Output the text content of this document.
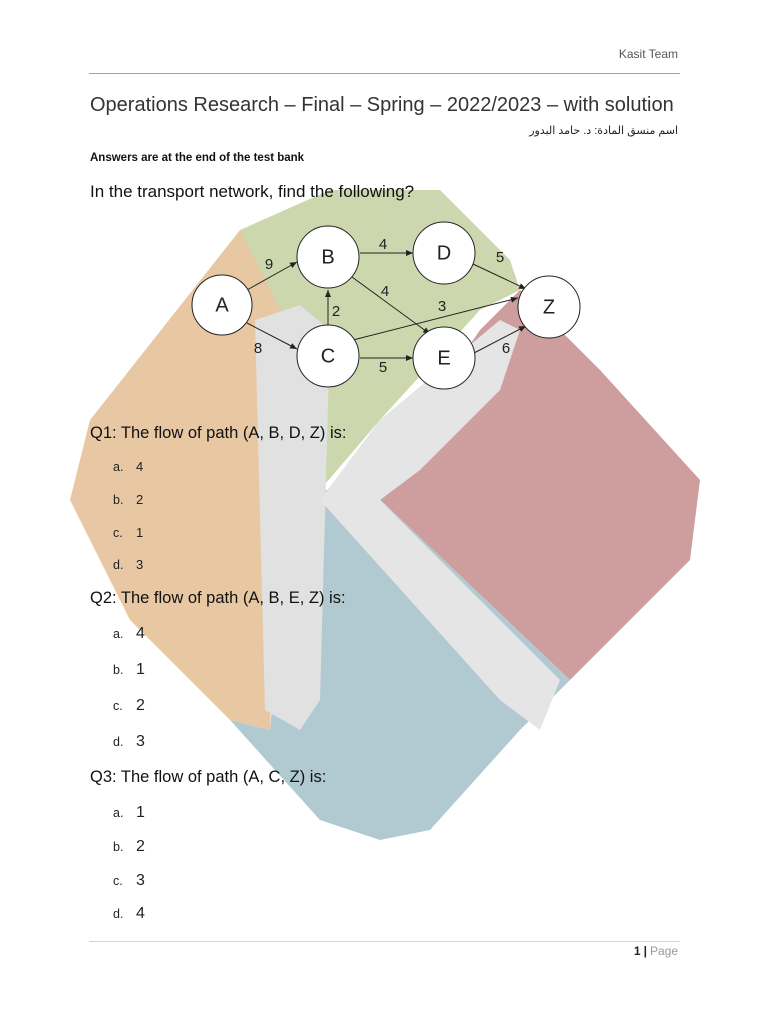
Kasit Team
Operations Research – Final – Spring – 2022/2023 – with solution
اسم منسق المادة: د. حامد البدور
Answers are at the end of the test bank
In the transport network, find the following?
A
B
C
D
E
Z
9
8
2
4
4
3
5
5
6
Q1: The flow of path (A, B, D, Z) is:
a. 4
b. 2
c. 1
d. 3
Q2: The flow of path (A, B, E, Z) is:
a. 4
b. 1
c. 2
d. 3
Q3: The flow of path (A, C, Z) is:
a. 1
b. 2
c. 3
d. 4
1 | Page
